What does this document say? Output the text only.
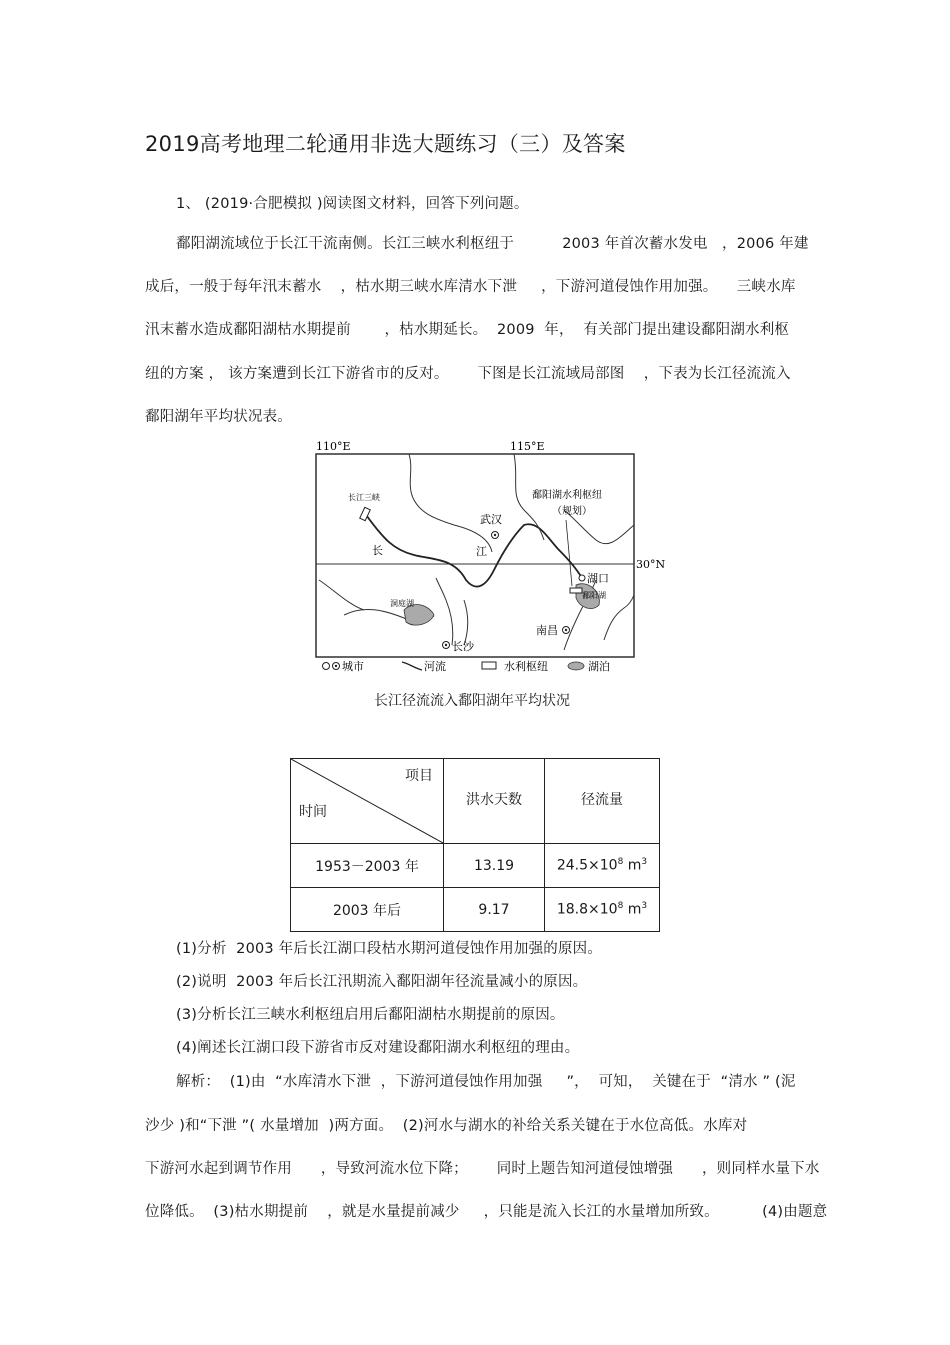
2019高考地理二轮通用非选大题练习（三）及答案
1、 (2019·合肥模拟 )阅读图文材料，回答下列问题。
鄱阳湖流域位于长江干流南侧。长江三峡水利枢纽于          2003 年首次蓄水发电   ，2006 年建
成后，一般于每年汛末蓄水    ，枯水期三峡水库清水下泄     ，下游河道侵蚀作用加强。    三峡水库
汛末蓄水造成鄱阳湖枯水期提前       ，枯水期延长。  2009  年，  有关部门提出建设鄱阳湖水利枢
纽的方案 ， 该方案遭到长江下游省市的反对。      下图是长江流域局部图    ，下表为长江径流流入
鄱阳湖年平均状况表。
110°E	115°E
30°N
长江三峡
武汉
鄱阳湖水利枢纽
（规划）
湖口
鄱阳湖
南昌
洞庭湖
长沙
长	江
城市	河流	水利枢纽	湖泊
长江径流流入鄱阳湖年平均状况
项目
时间	洪水天数	径流量
1953－2003 年	13.19	$24.5\times 10^8$ $m^3$
2003 年后	9.17	$18.8\times 10^8$ $m^3$
(1)分析  2003 年后长江湖口段枯水期河道侵蚀作用加强的原因。
(2)说明  2003 年后长江汛期流入鄱阳湖年径流量减小的原因。
(3)分析长江三峡水利枢纽启用后鄱阳湖枯水期提前的原因。
(4)阐述长江湖口段下游省市反对建设鄱阳湖水利枢纽的理由。
解析：  (1)由  “水库清水下泄  ，下游河道侵蚀作用加强     ”，  可知，  关键在于  “清水 ” (泥
沙少 )和“下泄 ”( 水量增加  )两方面。  (2)河水与湖水的补给关系关键在于水位高低。水库对
下游河水起到调节作用      ，导致河流水位下降；      同时上题告知河道侵蚀增强      ，则同样水量下水
位降低。  (3)枯水期提前    ，就是水量提前减少     ，只能是流入长江的水量增加所致。         (4)由题意
